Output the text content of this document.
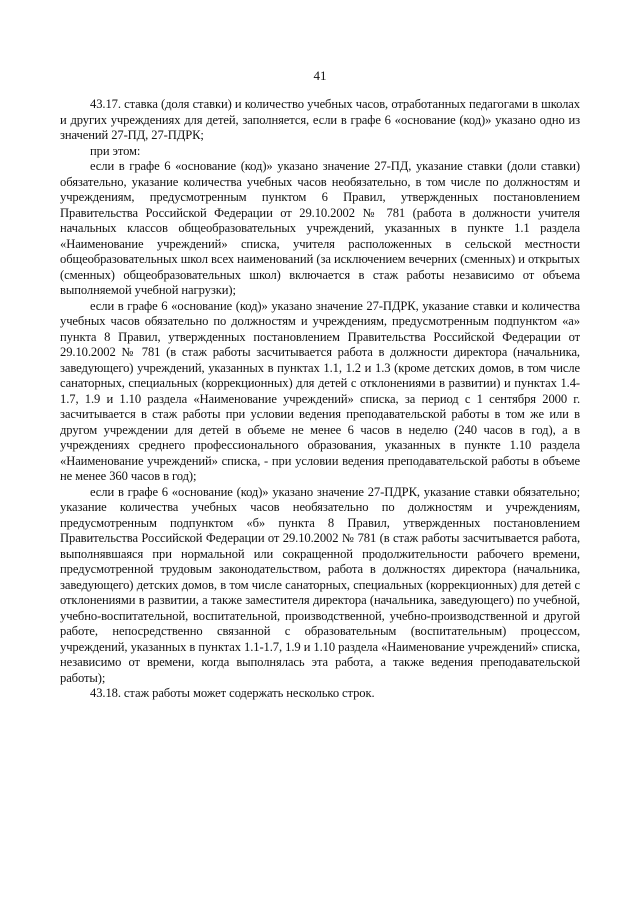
41

43.17. ставка (доля ставки) и количество учебных часов, отработанных педагогами в школах и других учреждениях для детей, заполняется, если в графе 6 «основание (код)» указано одно из значений 27-ПД, 27-ПДРК;

при этом:

если в графе 6 «основание (код)» указано значение 27-ПД, указание ставки (доли ставки) обязательно, указание количества учебных часов необязательно, в том числе по должностям и учреждениям, предусмотренным пунктом 6 Правил, утвержденных постановлением Правительства Российской Федерации от 29.10.2002 № 781 (работа в должности учителя начальных классов общеобразовательных учреждений, указанных в пункте 1.1 раздела «Наименование учреждений» списка, учителя расположенных в сельской местности общеобразовательных школ всех наименований (за исключением вечерних (сменных) и открытых (сменных) общеобразовательных школ) включается в стаж работы независимо от объема выполняемой учебной нагрузки);

если в графе 6 «основание (код)» указано значение 27-ПДРК, указание ставки и количества учебных часов обязательно по должностям и учреждениям, предусмотренным подпунктом «а» пункта 8 Правил, утвержденных постановлением Правительства Российской Федерации от 29.10.2002 № 781 (в стаж работы засчитывается работа в должности директора (начальника, заведующего) учреждений, указанных в пунктах 1.1, 1.2 и 1.3 (кроме детских домов, в том числе санаторных, специальных (коррекционных) для детей с отклонениями в развитии) и пунктах 1.4-1.7, 1.9 и 1.10 раздела «Наименование учреждений» списка, за период с 1 сентября 2000 г. засчитывается в стаж работы при условии ведения преподавательской работы в том же или в другом учреждении для детей в объеме не менее 6 часов в неделю (240 часов в год), а в учреждениях среднего профессионального образования, указанных в пункте 1.10 раздела «Наименование учреждений» списка, - при условии ведения преподавательской работы в объеме не менее 360 часов в год);

если в графе 6 «основание (код)» указано значение 27-ПДРК, указание ставки обязательно; указание количества учебных часов необязательно по должностям и учреждениям, предусмотренным подпунктом «б» пункта 8 Правил, утвержденных постановлением Правительства Российской Федерации от 29.10.2002 № 781 (в стаж работы засчитывается работа, выполнявшаяся при нормальной или сокращенной продолжительности рабочего времени, предусмотренной трудовым законодательством, работа в должностях директора (начальника, заведующего) детских домов, в том числе санаторных, специальных (коррекционных) для детей с отклонениями в развитии, а также заместителя директора (начальника, заведующего) по учебной, учебно-воспитательной, воспитательной, производственной, учебно-производственной и другой работе, непосредственно связанной с образовательным (воспитательным) процессом, учреждений, указанных в пунктах 1.1-1.7, 1.9 и 1.10 раздела «Наименование учреждений» списка, независимо от времени, когда выполнялась эта работа, а также ведения преподавательской работы);

43.18. стаж работы может содержать несколько строк.
